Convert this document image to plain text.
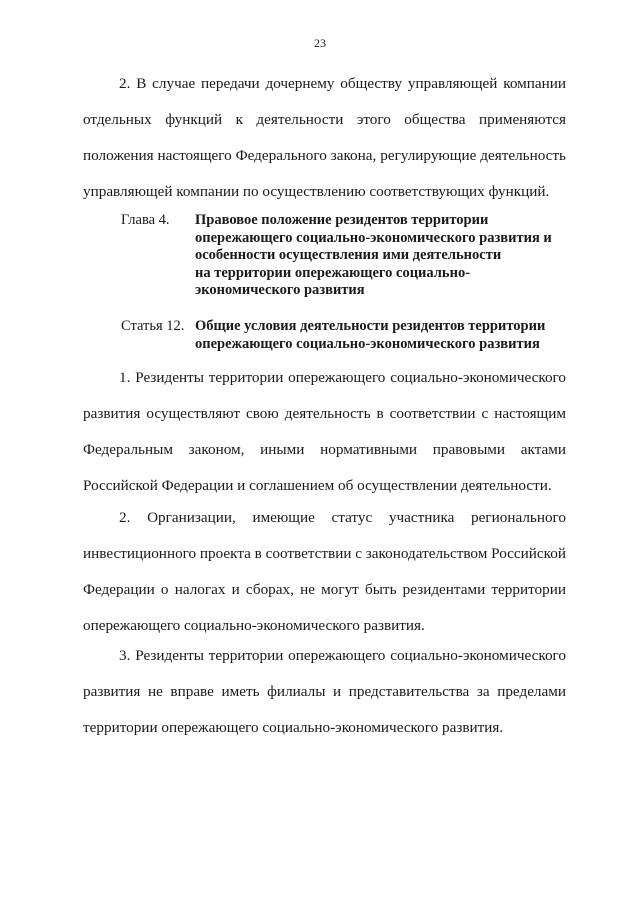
23
2. В случае передачи дочернему обществу управляющей компании
отдельных функций к деятельности этого общества применяются
положения настоящего Федерального закона, регулирующие деятельность
управляющей компании по осуществлению соответствующих функций.
Глава 4. Правовое положение резидентов территории
опережающего социально-экономического развития и
особенности осуществления ими деятельности
на территории опережающего социально-
экономического развития
Статья 12. Общие условия деятельности резидентов территории
опережающего социально-экономического развития
1. Резиденты территории опережающего социально-экономического
развития осуществляют свою деятельность в соответствии с настоящим
Федеральным законом, иными нормативными правовыми актами
Российской Федерации и соглашением об осуществлении деятельности.
2. Организации, имеющие статус участника регионального
инвестиционного проекта в соответствии с законодательством Российской
Федерации о налогах и сборах, не могут быть резидентами территории
опережающего социально-экономического развития.
3. Резиденты территории опережающего социально-экономического
развития не вправе иметь филиалы и представительства за пределами
территории опережающего социально-экономического развития.
